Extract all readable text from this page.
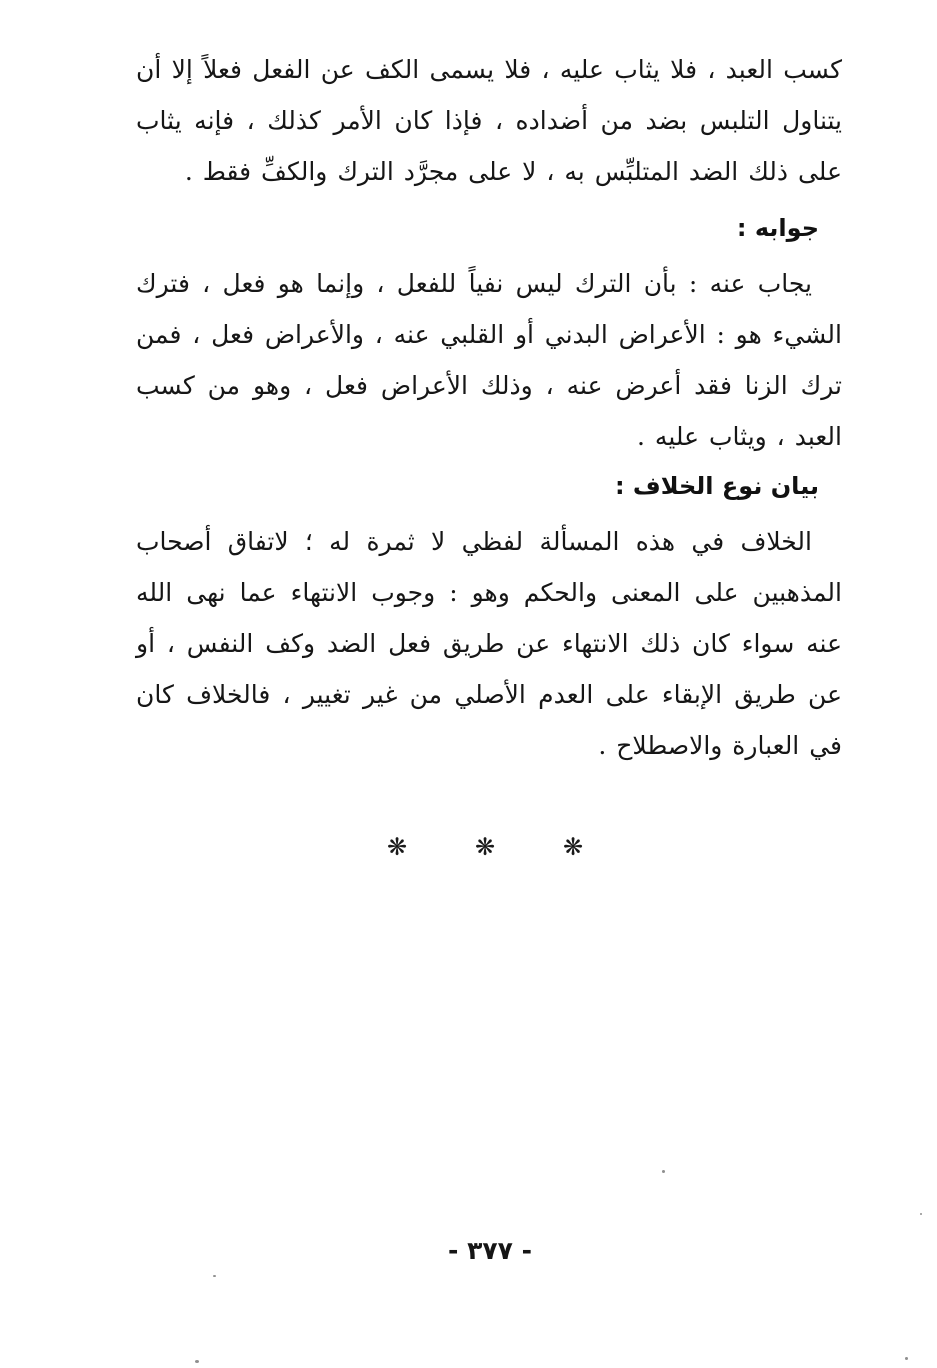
كسب العبد ، فلا يثاب عليه ، فلا يسمى الكف عن الفعل فعلاً إلا أن يتناول التلبس بضد من أضداده ، فإذا كان الأمر كذلك ، فإنه يثاب على ذلك الضد المتلبِّس به ، لا على مجرَّد الترك والكفِّ فقط .
جوابه :
يجاب عنه : بأن الترك ليس نفياً للفعل ، وإنما هو فعل ، فترك الشيء هو : الأعراض البدني أو القلبي عنه ، والأعراض فعل ، فمن ترك الزنا فقد أعرض عنه ، وذلك الأعراض فعل ، وهو من كسب العبد ، ويثاب عليه .
بيان نوع الخلاف :
الخلاف في هذه المسألة لفظي لا ثمرة له ؛ لاتفاق أصحاب المذهبين على المعنى والحكم وهو : وجوب الانتهاء عما نهى الله عنه سواء كان ذلك الانتهاء عن طريق فعل الضد وكف النفس ، أو عن طريق الإبقاء على العدم الأصلي من غير تغيير ، فالخلاف كان في العبارة والاصطلاح .
❋	❋	❋
- ٣٧٧ -
